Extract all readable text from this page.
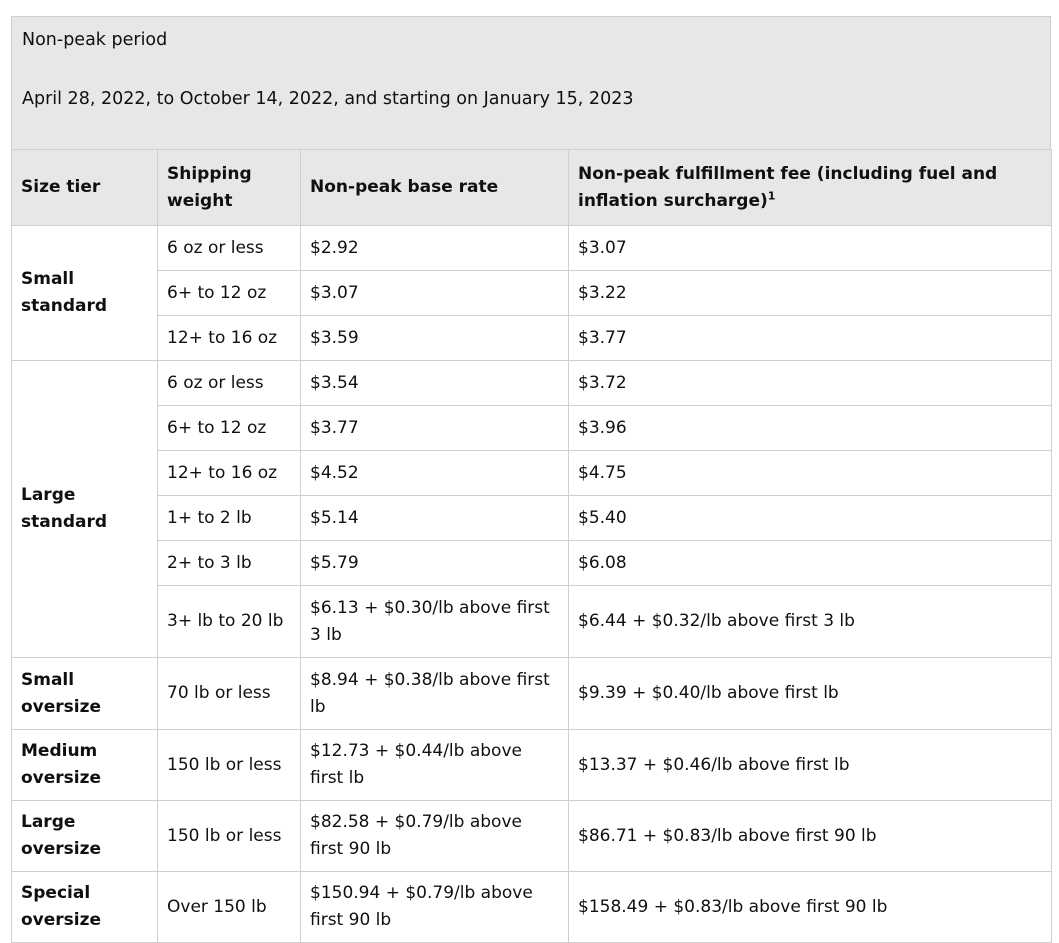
Non-peak period
April 28, 2022, to October 14, 2022, and starting on January 15, 2023
Size tier	Shipping weight	Non-peak base rate	Non-peak fulfillment fee (including fuel and inflation surcharge)$^1$
Small standard	6 oz or less	$2.92	$3.07
	6+ to 12 oz	$3.07	$3.22
	12+ to 16 oz	$3.59	$3.77
Large standard	6 oz or less	$3.54	$3.72
	6+ to 12 oz	$3.77	$3.96
	12+ to 16 oz	$4.52	$4.75
	1+ to 2 lb	$5.14	$5.40
	2+ to 3 lb	$5.79	$6.08
	3+ lb to 20 lb	$6.13 + $0.30/lb above first 3 lb	$6.44 + $0.32/lb above first 3 lb
Small oversize	70 lb or less	$8.94 + $0.38/lb above first lb	$9.39 + $0.40/lb above first lb
Medium oversize	150 lb or less	$12.73 + $0.44/lb above first lb	$13.37 + $0.46/lb above first lb
Large oversize	150 lb or less	$82.58 + $0.79/lb above first 90 lb	$86.71 + $0.83/lb above first 90 lb
Special oversize	Over 150 lb	$150.94 + $0.79/lb above first 90 lb	$158.49 + $0.83/lb above first 90 lb
